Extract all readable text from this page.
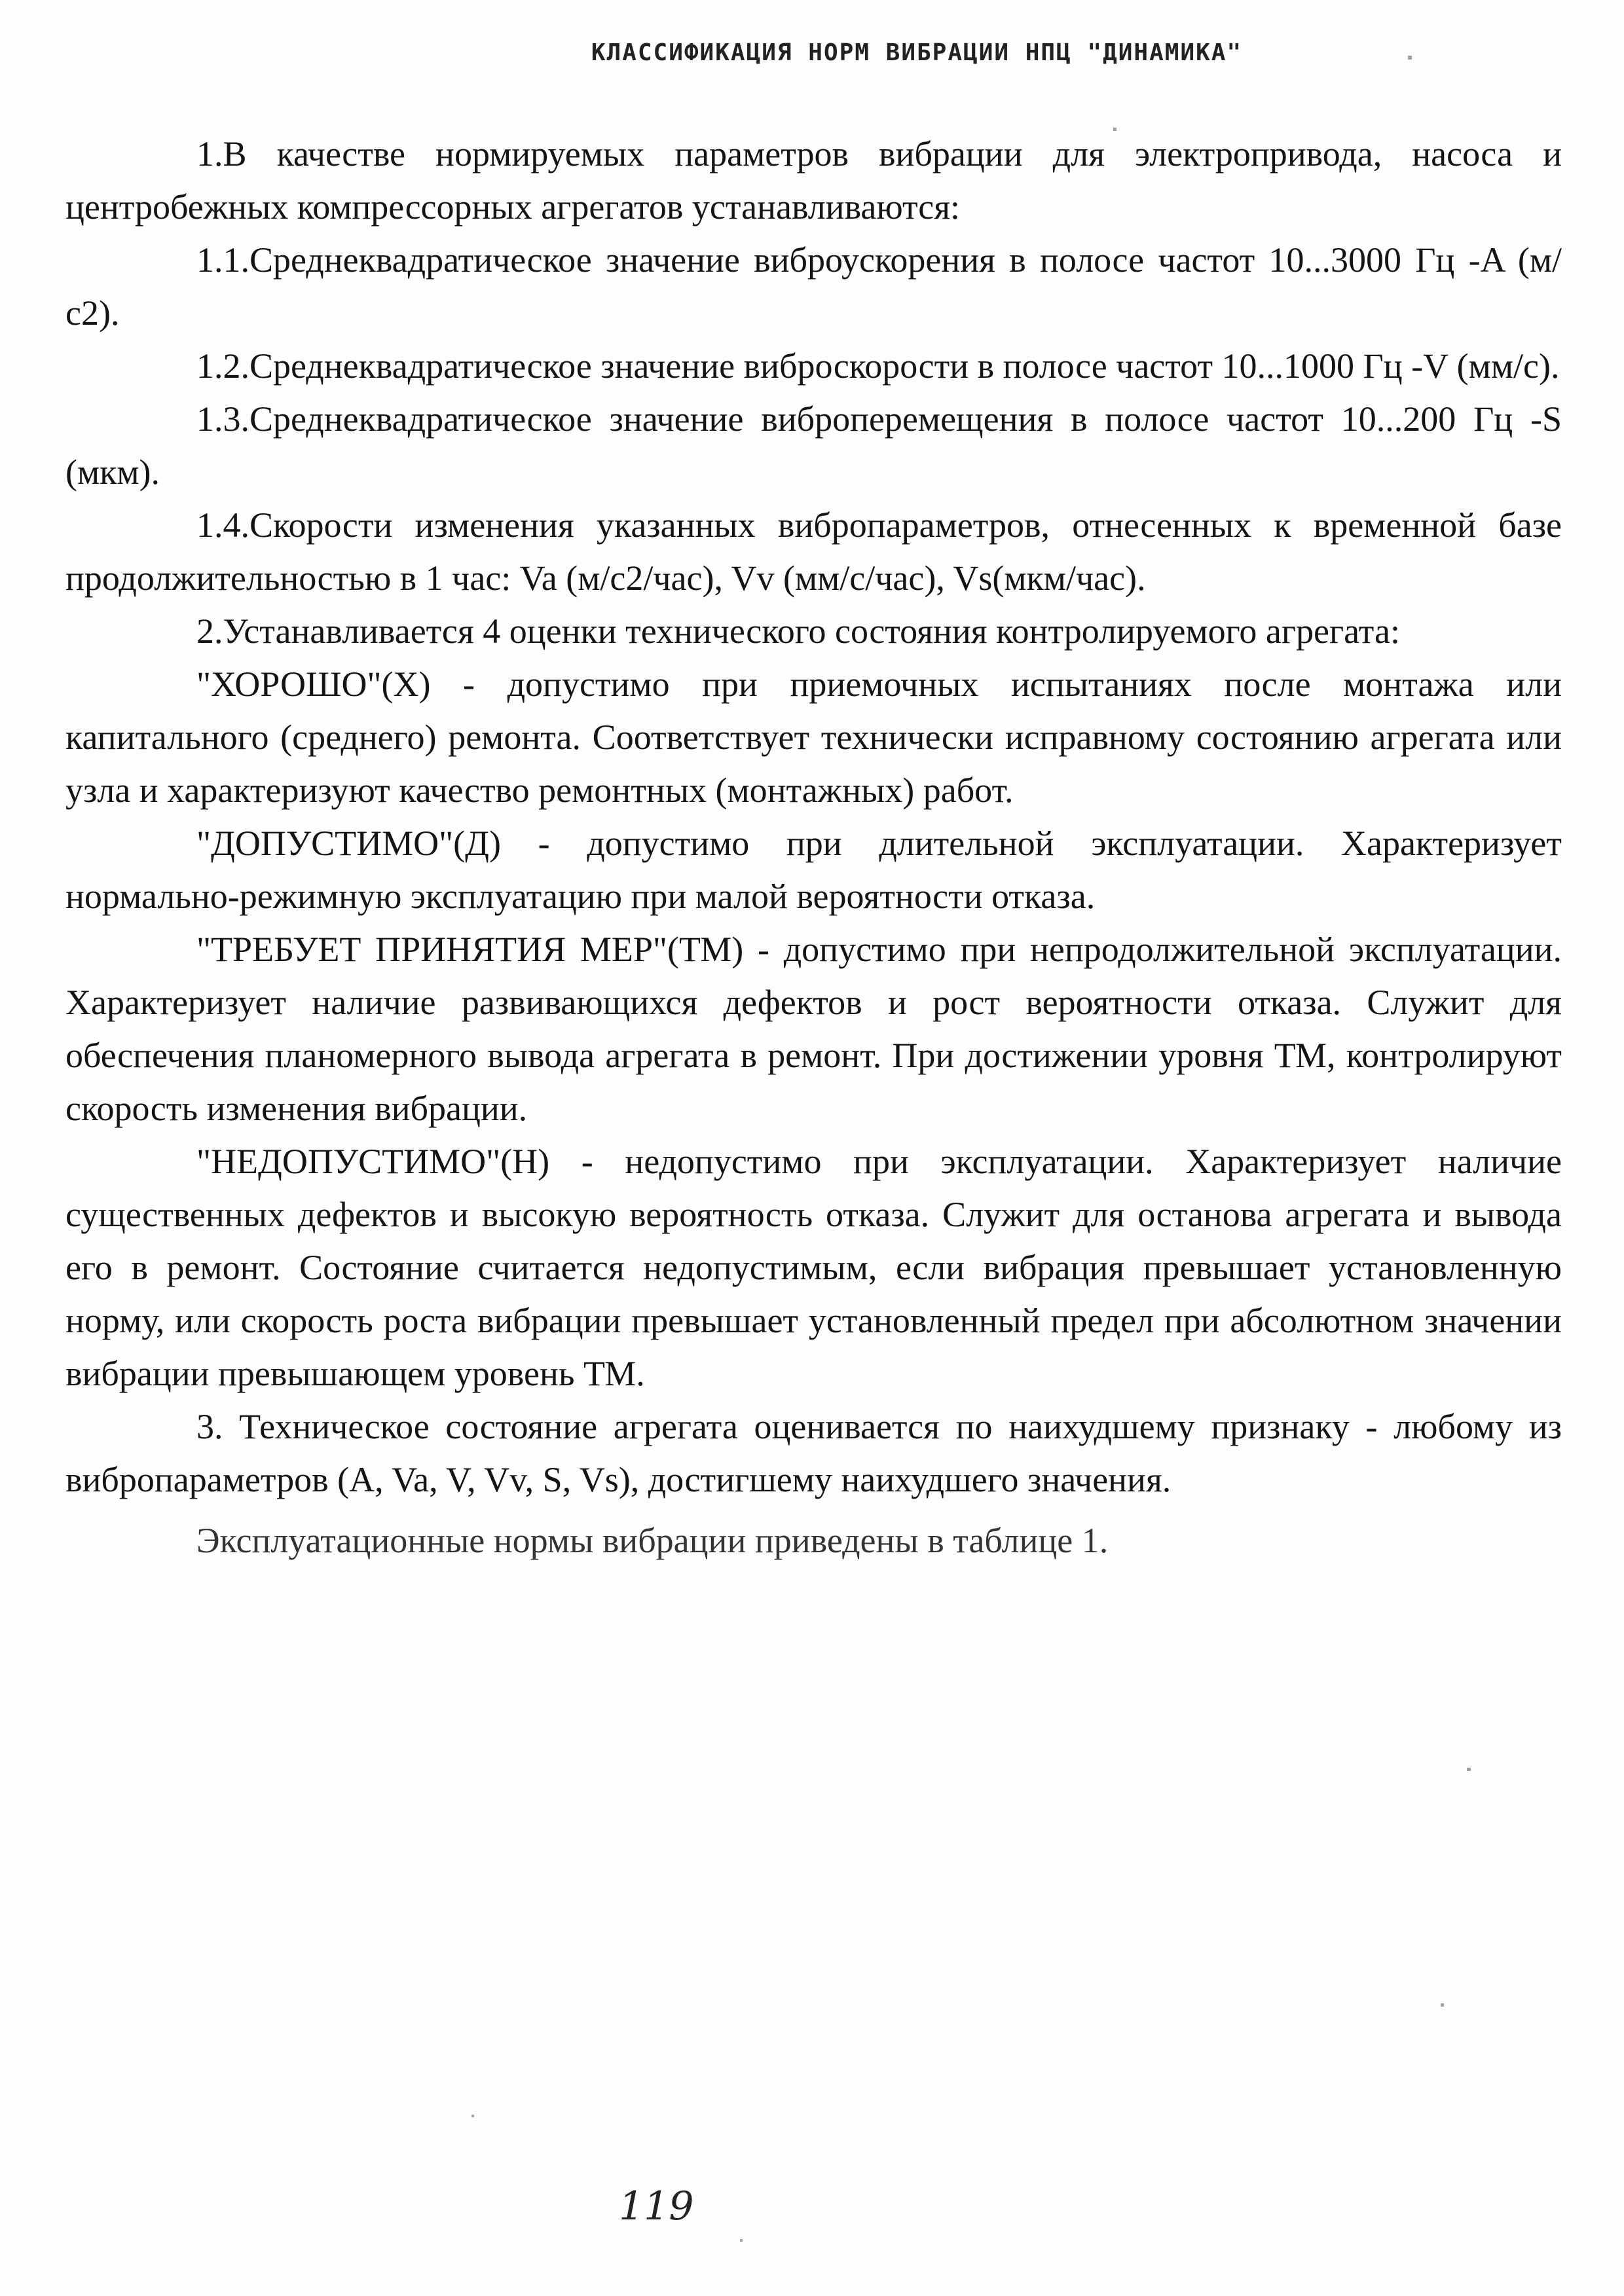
КЛАССИФИКАЦИЯ НОРМ ВИБРАЦИИ НПЦ "ДИНАМИКА"

1.В качестве нормируемых параметров вибрации для электропривода, насоса и центробежных компрессорных агрегатов устанавливаются:

1.1.Среднеквадратическое значение виброускорения в полосе частот 10...3000 Гц -A (м/с2).

1.2.Среднеквадратическое значение виброскорости в полосе частот 10...1000 Гц -V (мм/с).

1.3.Среднеквадратическое значение виброперемещения в полосе частот 10...200 Гц -S (мкм).

1.4.Скорости изменения указанных вибропараметров, отнесенных к временной базе продолжительностью в 1 час: Va (м/с2/час), Vv (мм/с/час), Vs(мкм/час).

2.Устанавливается 4 оценки технического состояния контролируемого агрегата:

"ХОРОШО"(Х) - допустимо при приемочных испытаниях после монтажа или капитального (среднего) ремонта. Соответствует технически исправному состоянию агрегата или узла и характеризуют качество ремонтных (монтажных) работ.

"ДОПУСТИМО"(Д) - допустимо при длительной эксплуатации. Характеризует нормально-режимную эксплуатацию при малой вероятности отказа.

"ТРЕБУЕТ ПРИНЯТИЯ МЕР"(ТМ) - допустимо при непродолжительной эксплуатации. Характеризует наличие развивающихся дефектов и рост вероятности отказа. Служит для обеспечения планомерного вывода агрегата в ремонт. При достижении уровня ТМ, контролируют скорость изменения вибрации.

"НЕДОПУСТИМО"(Н) - недопустимо при эксплуатации. Характеризует наличие существенных дефектов и высокую вероятность отказа. Служит для останова агрегата и вывода его в ремонт. Состояние считается недопустимым, если вибрация превышает установленную норму, или скорость роста вибрации превышает установленный предел при абсолютном значении вибрации превышающем уровень ТМ.

3. Техническое состояние агрегата оценивается по наихудшему признаку - любому из вибропараметров (A, Va, V, Vv, S, Vs), достигшему наихудшего значения.

Эксплуатационные нормы вибрации приведены в таблице 1.

119
